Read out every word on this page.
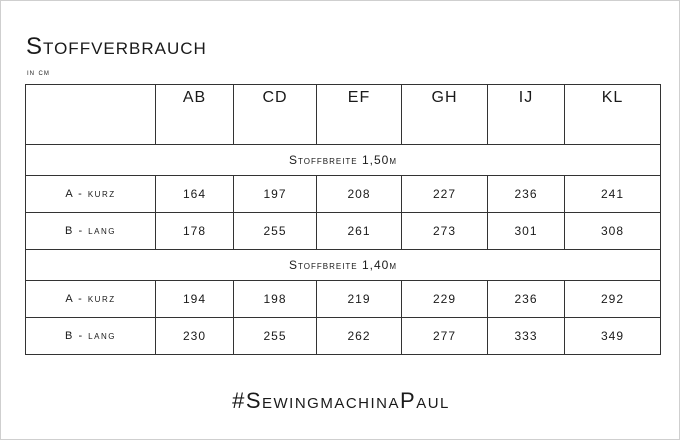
Stoffverbrauch
in cm
	AB	CD	EF	GH	IJ	KL
Stoffbreite 1,50m						
A - kurz	164	197	208	227	236	241
B - lang	178	255	261	273	301	308
Stoffbreite 1,40m						
A - kurz	194	198	219	229	236	292
B - lang	230	255	262	277	333	349
#SewingmachinaPaul
